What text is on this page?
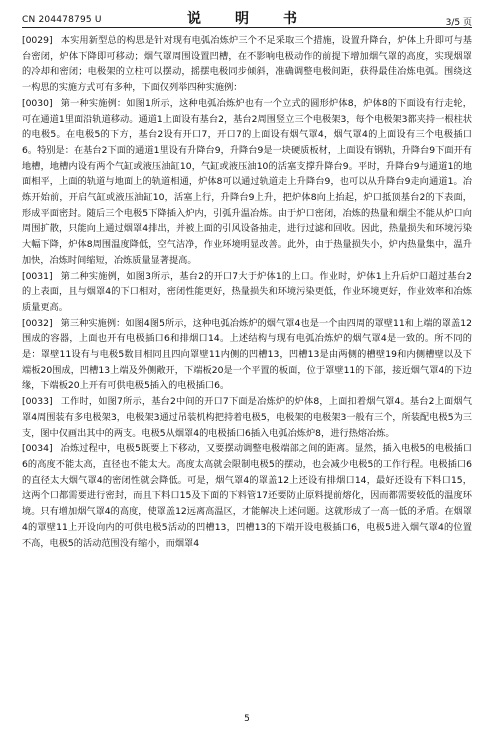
CN 204478795 U	说　明　书	3/5 页

[0029] 本实用新型总的构思是针对现有电弧冶炼炉三个不足采取三个措施，设置升降台，炉体上升即可与基台密闭，炉体下降即可移动；烟气罩周围设置凹槽，在不影响电极动作的前提下增加烟气罩的高度，实现烟罩的冷却和密闭；电极架的立柱可以摆动，摇摆电极同步倾斜，准确调整电极间距，获得最佳冶炼电弧。围绕这一构思的实施方式可有多种，下面仅列举四种实施例：

[0030] 第一种实施例：如图1所示，这种电弧冶炼炉也有一个立式的圆形炉体8，炉体8的下面设有行走轮，可在通道1里面沿轨道移动。通道1上面设有基台2，基台2周围竖立三个电极架3，每个电极架3都夹持一根柱状的电极5。在电极5的下方，基台2设有开口7，开口7的上面设有烟气罩4，烟气罩4的上面设有三个电极插口6。特别是：在基台2下面的通道1里设有升降台9，升降台9是一块硬质板材，上面设有钢轨，升降台9下面开有地槽，地槽内设有两个气缸或液压油缸10，气缸或液压油10的活塞支撑升降台9。平时，升降台9与通道1的地面相平，上面的轨道与地面上的轨道相通，炉体8可以通过轨道走上升降台9，也可以从升降台9走向通道1。冶炼开始前，开启气缸或液压油缸10，活塞上行，升降台9上升，把炉体8向上抬起，炉口抵顶基台2的下表面，形成平面密封。随后三个电极5下降插入炉内，引弧升温冶炼。由于炉口密闭，冶炼的热量和烟尘不能从炉口向周围扩散，只能向上通过烟罩4排出，并被上面的引风设备抽走，进行过滤和回收。因此，热量损失和环境污染大幅下降，炉体8周围温度降低，空气洁净，作业环境明显改善。此外，由于热量损失小，炉内热量集中，温升加快，冶炼时间缩短，冶炼质量显著提高。

[0031] 第二种实施例，如图3所示，基台2的开口7大于炉体1的上口。作业时，炉体1上升后炉口超过基台2的上表面，且与烟罩4的下口相对，密闭性能更好，热量损失和环境污染更低，作业环境更好，作业效率和冶炼质量更高。

[0032] 第三种实施例：如图4图5所示，这种电弧冶炼炉的烟气罩4也是一个由四周的罩壁11和上端的罩盖12围成的容器，上面也开有电极插口6和排烟口14。上述结构与现有电弧冶炼炉的烟气罩4是一致的。所不同的是：罩壁11设有与电极5数目相同且四向罩壁11内侧的凹槽13，凹槽13是由两侧的槽壁19和内侧槽壁以及下端板20围成，凹槽13上端及外侧敞开，下端板20是一个平置的板面，位于罩壁11的下部，接近烟气罩4的下边缘，下端板20上开有可供电极5插入的电极插口6。

[0033] 工作时，如图7所示，基台2中间的开口7下面是冶炼炉的炉体8，上面扣着烟气罩4。基台2上面烟气罩4周围装有多电极架3，电极架3通过吊装机构把持着电极5，电极架的电极架3一般有三个，所装配电极5为三支，图中仅画出其中的两支。电极5从烟罩4的电极插口6插入电弧冶炼炉8，进行热熔冶炼。

[0034] 冶炼过程中，电极5既要上下移动，又要摆动调整电极端部之间的距离。显然，插入电极5的电极插口6的高度不能太高，直径也不能太大。高度太高就会限制电极5的摆动，也会减少电极5的工作行程。电极插口6的直径太大烟气罩4的密闭性就会降低。可是，烟气罩4的罩盖12上还设有排烟口14，最好还设有下料口15，这两个口都需要进行密封，而且下料口15及下面的下料管17还要防止原料提前熔化，因而都需要较低的温度环境。只有增加烟气罩4的高度，使罩盖12远离高温区，才能解决上述问题。这就形成了一高一低的矛盾。在烟罩4的罩壁11上开设向内的可供电极5活动的凹槽13，凹槽13的下端开设电极插口6，电极5进入烟气罩4的位置不高，电极5的活动范围没有缩小，而烟罩4

5
